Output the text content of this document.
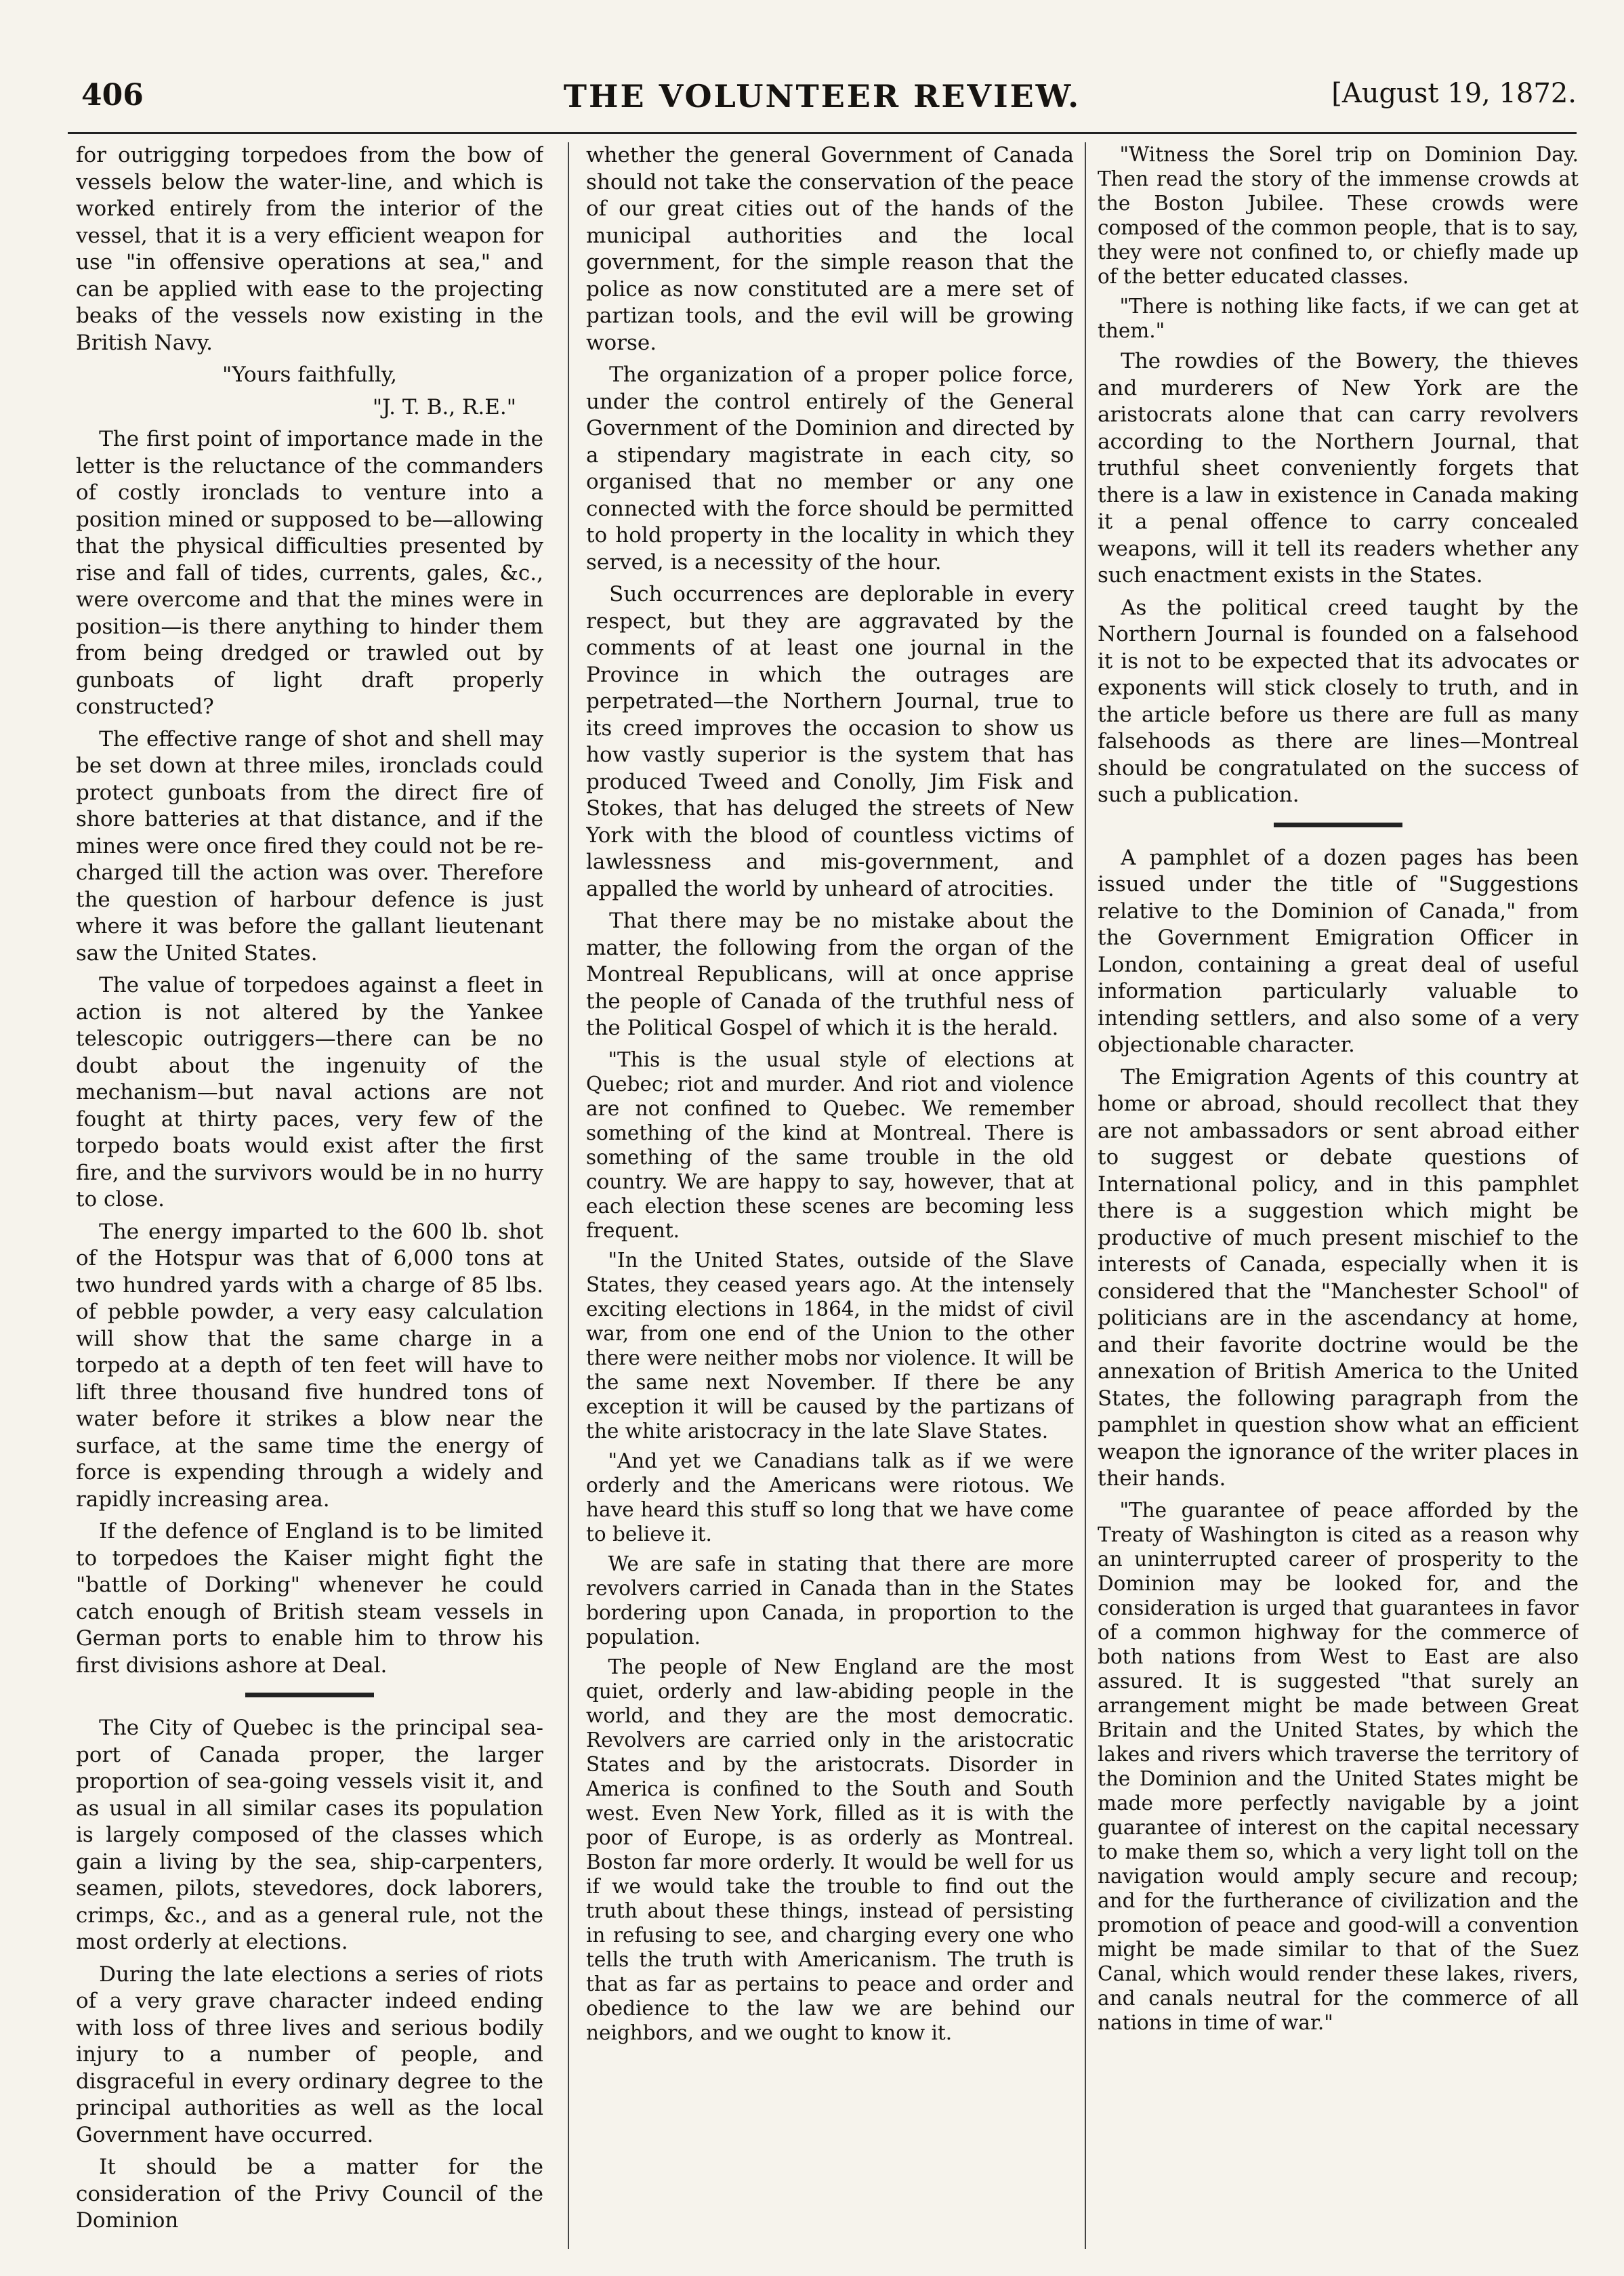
406	THE VOLUNTEER REVIEW.	[August 19, 1872.

for outrigging torpedoes from the bow of vessels below the water-line, and which is worked entirely from the interior of the vessel, that it is a very efficient weapon for use "in offensive operations at sea," and can be applied with ease to the projecting beaks of the vessels now existing in the British Navy.

"Yours faithfully,

"J. T. B., R.E."

The first point of importance made in the letter is the reluctance of the commanders of costly ironclads to venture into a position mined or supposed to be—allowing that the physical difficulties presented by rise and fall of tides, currents, gales, &c., were overcome and that the mines were in position—is there anything to hinder them from being dredged or trawled out by gunboats of light draft properly constructed?

The effective range of shot and shell may be set down at three miles, ironclads could protect gunboats from the direct fire of shore batteries at that distance, and if the mines were once fired they could not be re-charged till the action was over. Therefore the question of harbour defence is just where it was before the gallant lieutenant saw the United States.

The value of torpedoes against a fleet in action is not altered by the Yankee telescopic outriggers—there can be no doubt about the ingenuity of the mechanism—but naval actions are not fought at thirty paces, very few of the torpedo boats would exist after the first fire, and the survivors would be in no hurry to close.

The energy imparted to the 600 lb. shot of the Hotspur was that of 6,000 tons at two hundred yards with a charge of 85 lbs. of pebble powder, a very easy calculation will show that the same charge in a torpedo at a depth of ten feet will have to lift three thousand five hundred tons of water before it strikes a blow near the surface, at the same time the energy of force is expending through a widely and rapidly increasing area.

If the defence of England is to be limited to torpedoes the Kaiser might fight the "battle of Dorking" whenever he could catch enough of British steam vessels in German ports to enable him to throw his first divisions ashore at Deal.

The City of Quebec is the principal sea-port of Canada proper, the larger proportion of sea-going vessels visit it, and as usual in all similar cases its population is largely composed of the classes which gain a living by the sea, ship-carpenters, seamen, pilots, stevedores, dock laborers, crimps, &c., and as a general rule, not the most orderly at elections.

During the late elections a series of riots of a very grave character indeed ending with loss of three lives and serious bodily injury to a number of people, and disgraceful in every ordinary degree to the principal authorities as well as the local Government have occurred.

It should be a matter for the consideration of the Privy Council of the Dominion

whether the general Government of Canada should not take the conservation of the peace of our great cities out of the hands of the municipal authorities and the local government, for the simple reason that the police as now constituted are a mere set of partizan tools, and the evil will be growing worse.

The organization of a proper police force, under the control entirely of the General Government of the Dominion and directed by a stipendary magistrate in each city, so organised that no member or any one connected with the force should be permitted to hold property in the locality in which they served, is a necessity of the hour.

Such occurrences are deplorable in every respect, but they are aggravated by the comments of at least one journal in the Province in which the outrages are perpetrated—the Northern Journal, true to its creed improves the occasion to show us how vastly superior is the system that has produced Tweed and Conolly, Jim Fisk and Stokes, that has deluged the streets of New York with the blood of countless victims of lawlessness and mis-government, and appalled the world by unheard of atrocities.

That there may be no mistake about the matter, the following from the organ of the Montreal Republicans, will at once apprise the people of Canada of the truthful ness of the Political Gospel of which it is the herald.

"This is the usual style of elections at Quebec; riot and murder. And riot and violence are not confined to Quebec. We remember something of the kind at Montreal. There is something of the same trouble in the old country. We are happy to say, however, that at each election these scenes are becoming less frequent.

"In the United States, outside of the Slave States, they ceased years ago. At the intensely exciting elections in 1864, in the midst of civil war, from one end of the Union to the other there were neither mobs nor violence. It will be the same next November. If there be any exception it will be caused by the partizans of the white aristocracy in the late Slave States.

"And yet we Canadians talk as if we were orderly and the Americans were riotous. We have heard this stuff so long that we have come to believe it.

We are safe in stating that there are more revolvers carried in Canada than in the States bordering upon Canada, in proportion to the population.

The people of New England are the most quiet, orderly and law-abiding people in the world, and they are the most democratic. Revolvers are carried only in the aristocratic States and by the aristocrats. Disorder in America is confined to the South and South west. Even New York, filled as it is with the poor of Europe, is as orderly as Montreal. Boston far more orderly. It would be well for us if we would take the trouble to find out the truth about these things, instead of persisting in refusing to see, and charging every one who tells the truth with Americanism. The truth is that as far as pertains to peace and order and obedience to the law we are behind our neighbors, and we ought to know it.

"Witness the Sorel trip on Dominion Day. Then read the story of the immense crowds at the Boston Jubilee. These crowds were composed of the common people, that is to say, they were not confined to, or chiefly made up of the better educated classes.

"There is nothing like facts, if we can get at them."

The rowdies of the Bowery, the thieves and murderers of New York are the aristocrats alone that can carry revolvers according to the Northern Journal, that truthful sheet conveniently forgets that there is a law in existence in Canada making it a penal offence to carry concealed weapons, will it tell its readers whether any such enactment exists in the States.

As the political creed taught by the Northern Journal is founded on a falsehood it is not to be expected that its advocates or exponents will stick closely to truth, and in the article before us there are full as many falsehoods as there are lines—Montreal should be congratulated on the success of such a publication.

A pamphlet of a dozen pages has been issued under the title of "Suggestions relative to the Dominion of Canada," from the Government Emigration Officer in London, containing a great deal of useful information particularly valuable to intending settlers, and also some of a very objectionable character.

The Emigration Agents of this country at home or abroad, should recollect that they are not ambassadors or sent abroad either to suggest or debate questions of International policy, and in this pamphlet there is a suggestion which might be productive of much present mischief to the interests of Canada, especially when it is considered that the "Manchester School" of politicians are in the ascendancy at home, and their favorite doctrine would be the annexation of British America to the United States, the following paragraph from the pamphlet in question show what an efficient weapon the ignorance of the writer places in their hands.

"The guarantee of peace afforded by the Treaty of Washington is cited as a reason why an uninterrupted career of prosperity to the Dominion may be looked for, and the consideration is urged that guarantees in favor of a common highway for the commerce of both nations from West to East are also assured. It is suggested "that surely an arrangement might be made between Great Britain and the United States, by which the lakes and rivers which traverse the territory of the Dominion and the United States might be made more perfectly navigable by a joint guarantee of interest on the capital necessary to make them so, which a very light toll on the navigation would amply secure and recoup; and for the furtherance of civilization and the promotion of peace and good-will a convention might be made similar to that of the Suez Canal, which would render these lakes, rivers, and canals neutral for the commerce of all nations in time of war."
